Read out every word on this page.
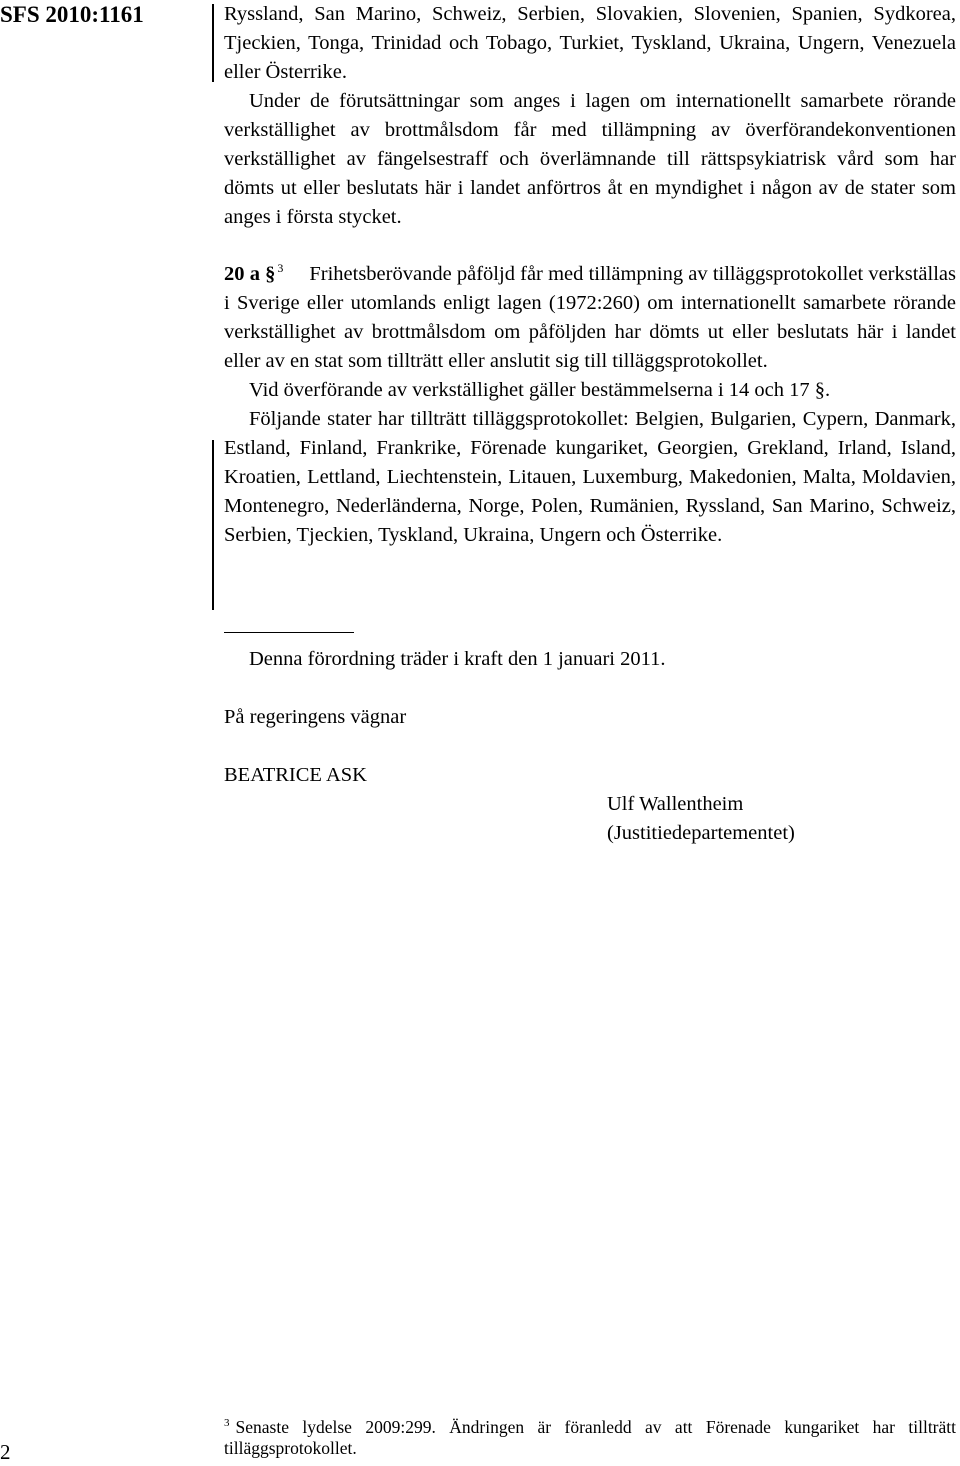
SFS 2010:1161	Ryssland, San Marino, Schweiz, Serbien, Slovakien, Slovenien, Spanien, Sydkorea, Tjeckien, Tonga, Trinidad och Tobago, Turkiet, Tyskland, Ukraina, Ungern, Venezuela eller Österrike.

Under de förutsättningar som anges i lagen om internationellt samarbete rörande verkställighet av brottmålsdom får med tillämpning av överförandekonventionen verkställighet av fängelsestraff och överlämnande till rättspsykiatrisk vård som har dömts ut eller beslutats här i landet anförtros åt en myndighet i någon av de stater som anges i första stycket.

20 a § $^3$ Frihetsberövande påföljd får med tillämpning av tilläggsprotokollet verkställas i Sverige eller utomlands enligt lagen (1972:260) om internationellt samarbete rörande verkställighet av brottmålsdom om påföljden har dömts ut eller beslutats här i landet eller av en stat som tillträtt eller anslutit sig till tilläggsprotokollet.

Vid överförande av verkställighet gäller bestämmelserna i 14 och 17 §.

Följande stater har tillträtt tilläggsprotokollet: Belgien, Bulgarien, Cypern, Danmark, Estland, Finland, Frankrike, Förenade kungariket, Georgien, Grekland, Irland, Island, Kroatien, Lettland, Liechtenstein, Litauen, Luxemburg, Makedonien, Malta, Moldavien, Montenegro, Nederländerna, Norge, Polen, Rumänien, Ryssland, San Marino, Schweiz, Serbien, Tjeckien, Tyskland, Ukraina, Ungern och Österrike.

Denna förordning träder i kraft den 1 januari 2011.
På regeringens vägnar
BEATRICE ASK
Ulf Wallentheim
(Justitiedepartementet)
$^3$ Senaste lydelse 2009:299. Ändringen är föranledd av att Förenade kungariket har tillträtt tilläggsprotokollet.
2
